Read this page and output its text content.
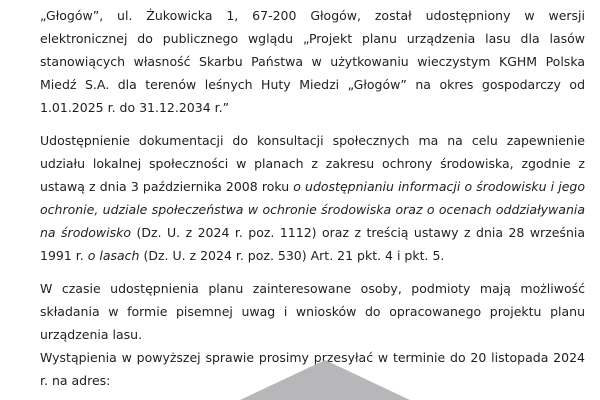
„Głogów”, ul. Żukowicka 1, 67-200 Głogów, został udostępniony w wersji elektronicznej do publicznego wglądu „Projekt planu urządzenia lasu dla lasów stanowiących własność Skarbu Państwa w użytkowaniu wieczystym KGHM Polska Miedź S.A. dla terenów leśnych Huty Miedzi „Głogów” na okres gospodarczy od 1.01.2025 r. do 31.12.2034 r.”

Udostępnienie dokumentacji do konsultacji społecznych ma na celu zapewnienie udziału lokalnej społeczności w planach z zakresu ochrony środowiska, zgodnie z ustawą z dnia 3 października 2008 roku o udostępnianiu informacji o środowisku i jego ochronie, udziale społeczeństwa w ochronie środowiska oraz o ocenach oddziaływania na środowisko (Dz. U. z 2024 r. poz. 1112) oraz z treścią ustawy z dnia 28 września 1991 r. o lasach (Dz. U. z 2024 r. poz. 530) Art. 21 pkt. 4 i pkt. 5.

W czasie udostępnienia planu zainteresowane osoby, podmioty mają możliwość składania w formie pisemnej uwag i wniosków do opracowanego projektu planu urządzenia lasu.

Wystąpienia w powyższej sprawie prosimy przesyłać w terminie do 20 listopada 2024 r. na adres:
